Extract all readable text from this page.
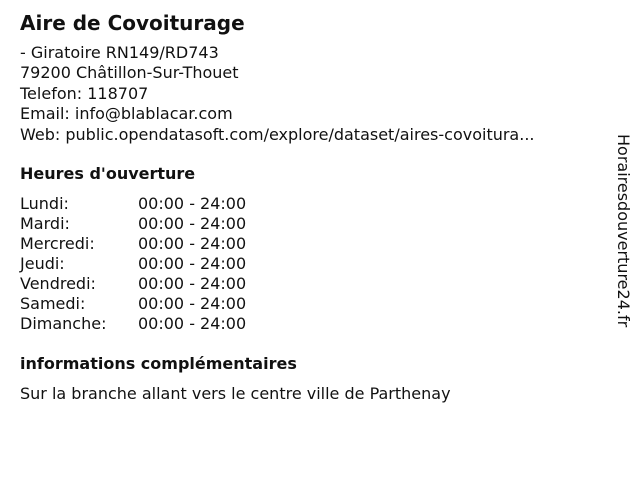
Aire de Covoiturage
- Giratoire RN149/RD743
79200 Châtillon-Sur-Thouet
Telefon: 118707
Email: info@blablacar.com
Web: public.opendatasoft.com/explore/dataset/aires-covoitura...
Heures d'ouverture
Lundi:	00:00 - 24:00
Mardi:	00:00 - 24:00
Mercredi:	00:00 - 24:00
Jeudi:	00:00 - 24:00
Vendredi:	00:00 - 24:00
Samedi:	00:00 - 24:00
Dimanche: 00:00 - 24:00
informations complémentaires
Sur la branche allant vers le centre ville de Parthenay
Horairesdouverture24.fr
